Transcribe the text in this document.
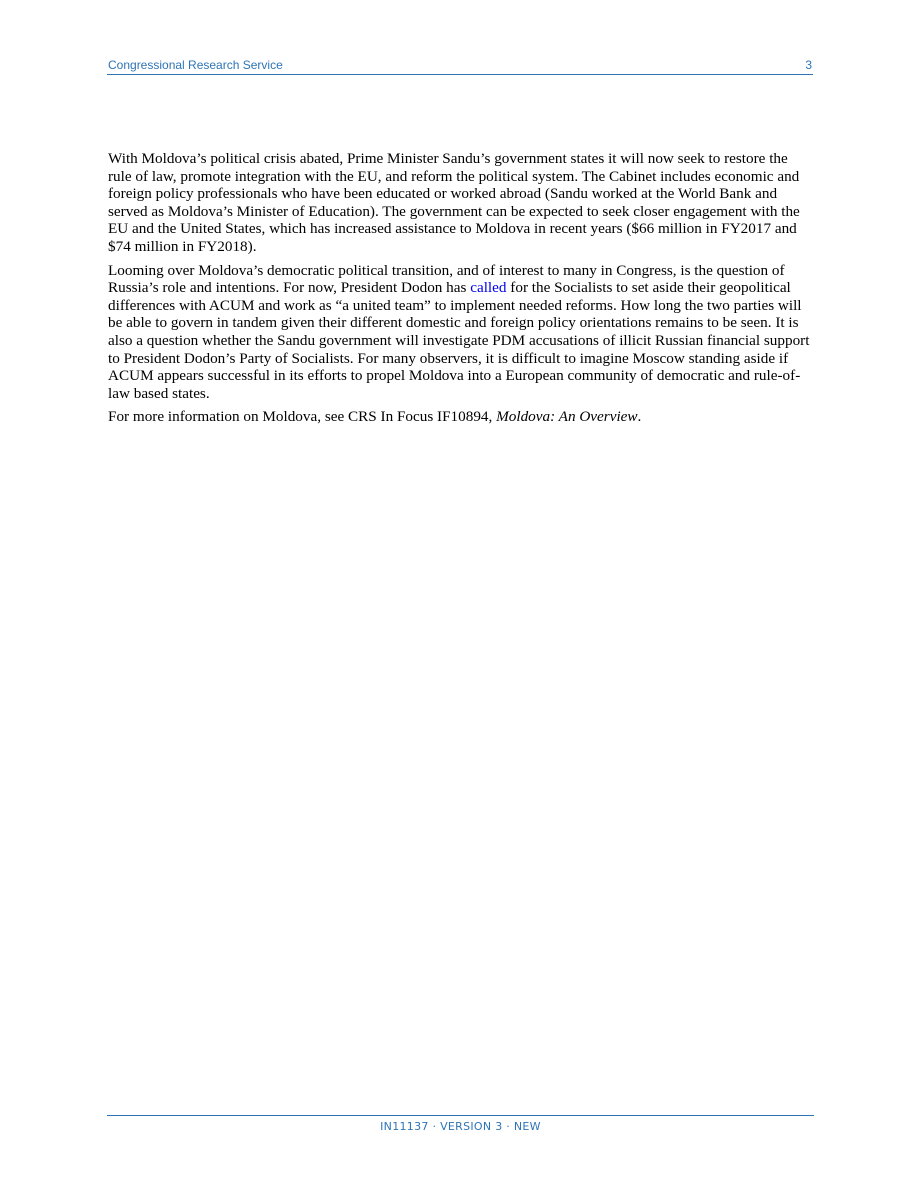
Congressional Research Service	3

With Moldova’s political crisis abated, Prime Minister Sandu’s government states it will now seek to restore the rule of law, promote integration with the EU, and reform the political system. The Cabinet includes economic and foreign policy professionals who have been educated or worked abroad (Sandu worked at the World Bank and served as Moldova’s Minister of Education). The government can be expected to seek closer engagement with the EU and the United States, which has increased assistance to Moldova in recent years ($66 million in FY2017 and $74 million in FY2018).

Looming over Moldova’s democratic political transition, and of interest to many in Congress, is the question of Russia’s role and intentions. For now, President Dodon has called for the Socialists to set aside their geopolitical differences with ACUM and work as “a united team” to implement needed reforms. How long the two parties will be able to govern in tandem given their different domestic and foreign policy orientations remains to be seen. It is also a question whether the Sandu government will investigate PDM accusations of illicit Russian financial support to President Dodon’s Party of Socialists. For many observers, it is difficult to imagine Moscow standing aside if ACUM appears successful in its efforts to propel Moldova into a European community of democratic and rule-of-law based states.

For more information on Moldova, see CRS In Focus IF10894, Moldova: An Overview.

IN11137 · VERSION 3 · NEW
